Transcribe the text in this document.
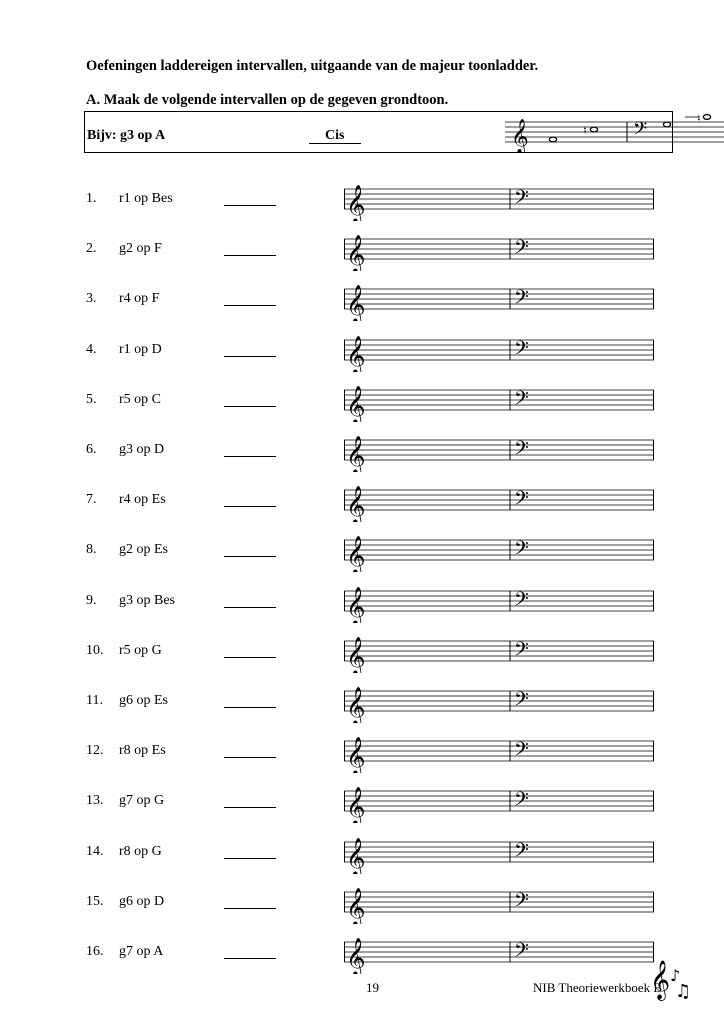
Oefeningen laddereigen intervallen, uitgaande van de majeur toonladder.
A. Maak de volgende intervallen op de gegeven grondtoon.
Bijv: g3 op A	Cis	𝄞	♮ 𝄢
♮
1. r1 op Bes	𝄞	𝄢
2. g2 op F	𝄞	𝄢
3. r4 op F	𝄞	𝄢
4. r1 op D	𝄞	𝄢
5. r5 op C	𝄞	𝄢
6. g3 op D	𝄞	𝄢
7. r4 op Es	𝄞	𝄢
8. g2 op Es	𝄞	𝄢
9. g3 op Bes	𝄞	𝄢
10. r5 op G	𝄞	𝄢
11. g6 op Es	𝄞	𝄢
12. r8 op Es	𝄞	𝄢
13. g7 op G	𝄞	𝄢
14. r8 op G	𝄞	𝄢
15. g6 op D	𝄞	𝄢
16. g7 op A	𝄞	𝄢
19	NIB Theoriewerkboek B
𝄞 ♪
♫
